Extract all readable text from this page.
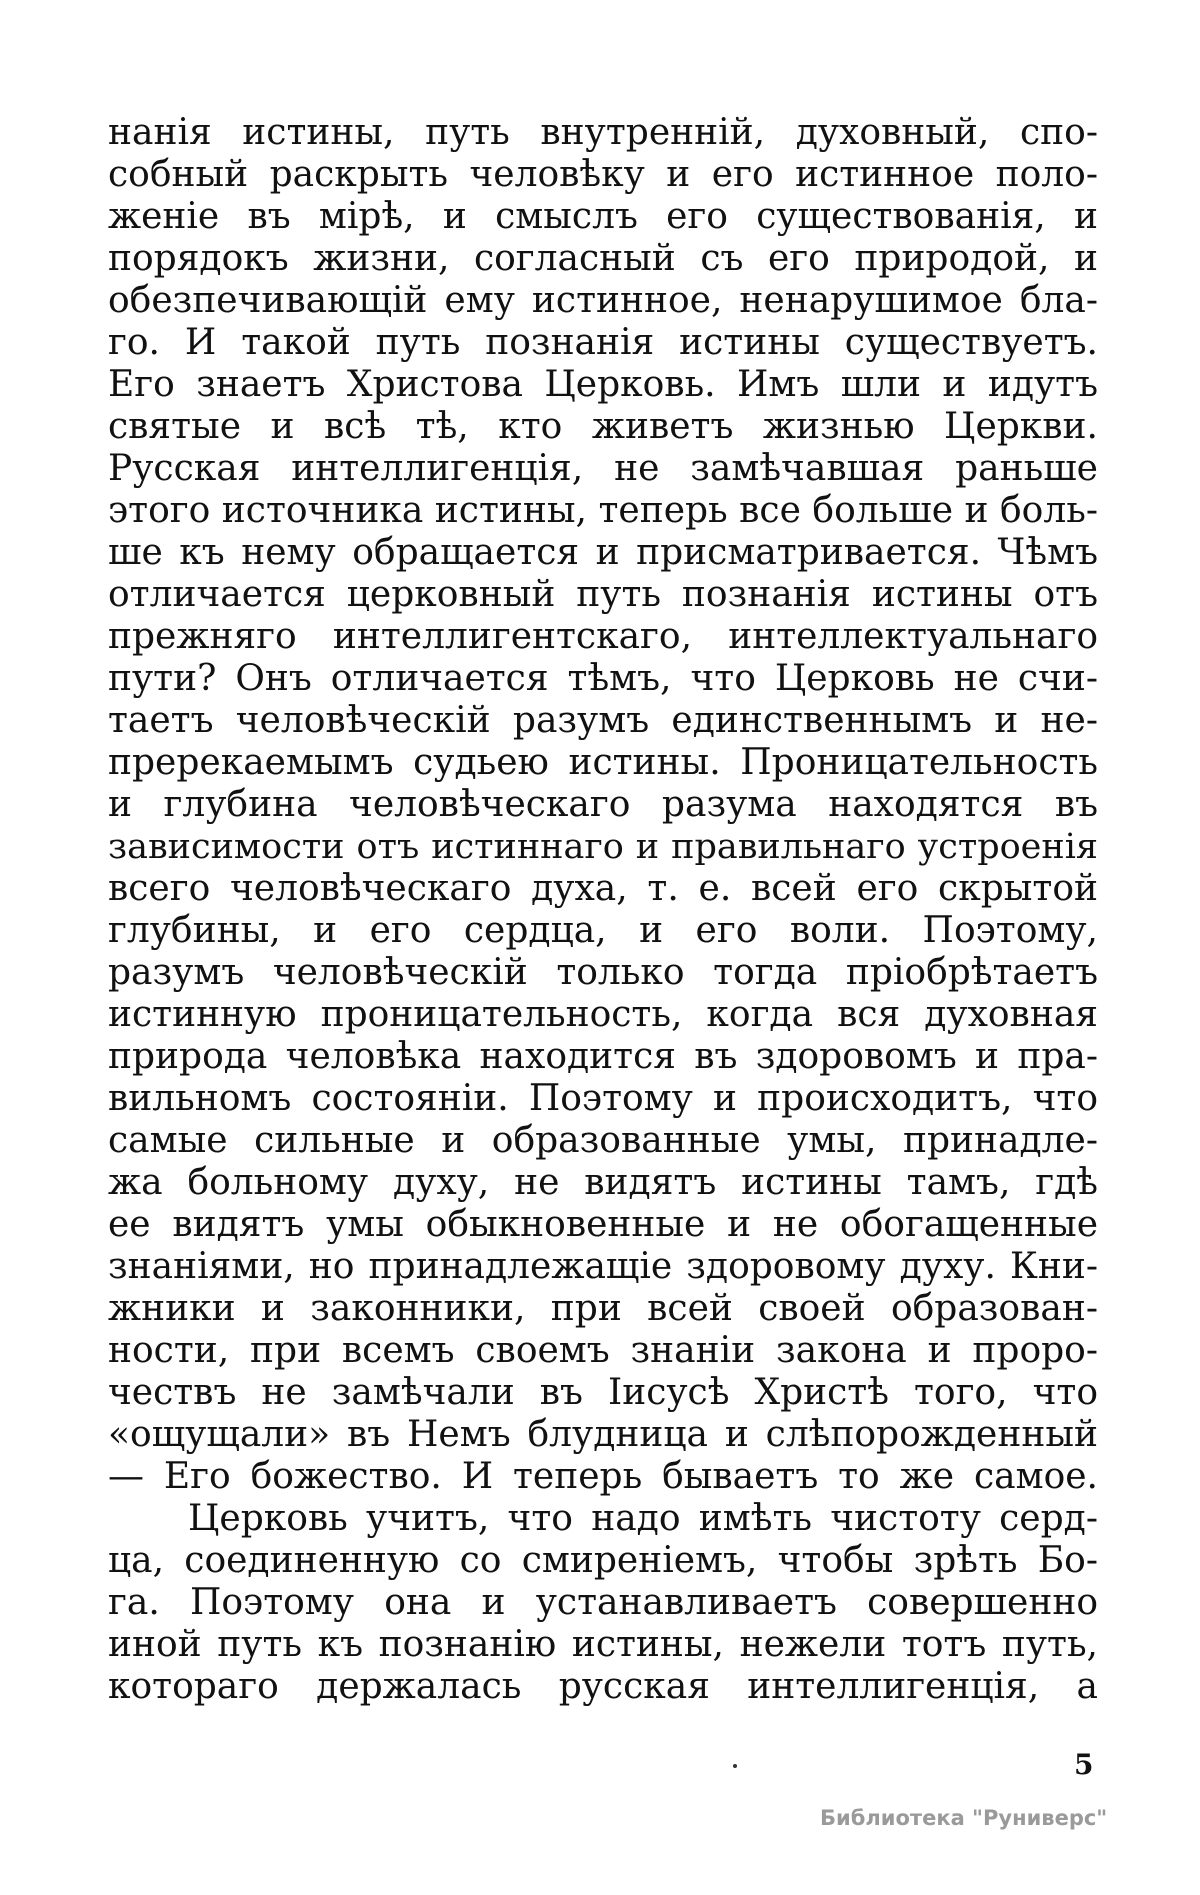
нанія истины, путь внутренній, духовный, спо-
собный раскрыть человѣку и его истинное поло-
женіе въ мірѣ, и смыслъ его существованія, и
порядокъ жизни, согласный съ его природой, и
обезпечивающій ему истинное, ненарушимое бла-
го. И такой путь познанія истины существуетъ.
Его знаетъ Христова Церковь. Имъ шли и идутъ
святые и всѣ тѣ, кто живетъ жизнью Церкви.
Русская интеллигенція, не замѣчавшая раньше
этого источника истины, теперь все больше и боль-
ше къ нему обращается и присматривается. Чѣмъ
отличается церковный путь познанія истины отъ
прежняго интеллигентскаго, интеллектуальнаго
пути? Онъ отличается тѣмъ, что Церковь не счи-
таетъ человѣческій разумъ единственнымъ и не-
пререкаемымъ судьею истины. Проницательность
и глубина человѣческаго разума находятся въ
зависимости отъ истиннаго и правильнаго устроенія
всего человѣческаго духа, т. е. всей его скрытой
глубины, и его сердца, и его воли. Поэтому,
разумъ человѣческій только тогда пріобрѣтаетъ
истинную проницательность, когда вся духовная
природа человѣка находится въ здоровомъ и пра-
вильномъ состояніи. Поэтому и происходитъ, что
самые сильные и образованные умы, принадле-
жа больному духу, не видятъ истины тамъ, гдѣ
ее видятъ умы обыкновенные и не обогащенные
знаніями, но принадлежащіе здоровому духу. Кни-
жники и законники, при всей своей образован-
ности, при всемъ своемъ знаніи закона и проро-
чествъ не замѣчали въ Іисусѣ Христѣ того, что
«ощущали» въ Немъ блудница и слѣпорожденный
— Его божество. И теперь бываетъ то же самое.
Церковь учитъ, что надо имѣть чистоту серд-
ца, соединенную со смиреніемъ, чтобы зрѣть Бо-
га. Поэтому она и устанавливаетъ совершенно
иной путь къ познанію истины, нежели тотъ путь,
котораго держалась русская интеллигенція, а
5
Библиотека "Руниверс"
